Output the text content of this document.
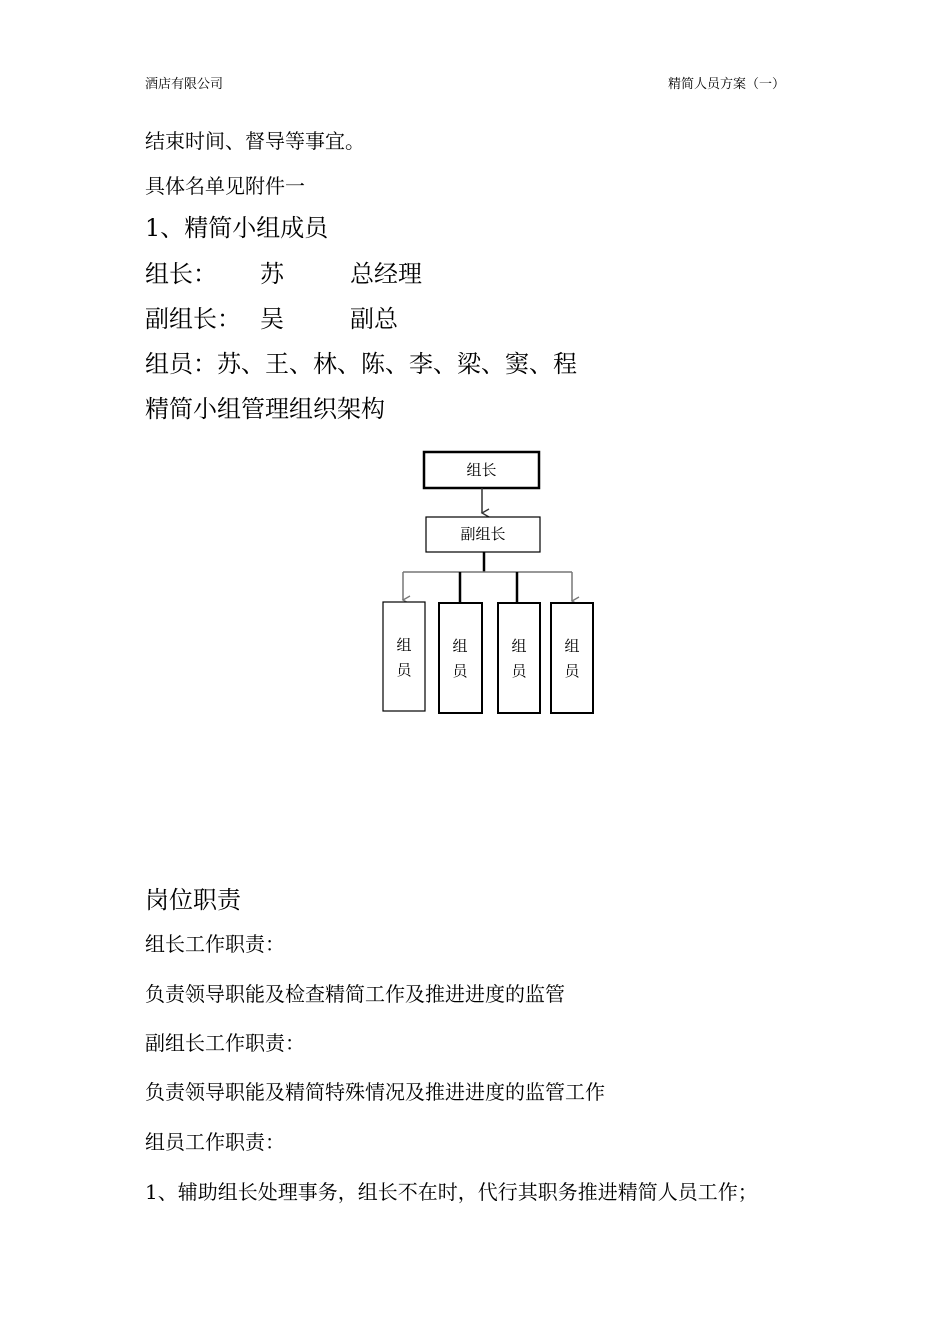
酒店有限公司	精简人员方案（一）
结束时间、督导等事宜。
具体名单见附件一
1、精简小组成员
组长： 苏	总经理
副组长： 吴	副总
组员：苏、王、林、陈、李、梁、窦、程
精简小组管理组织架构
组长
副组长
组
员
组
员
组
员
组
员
岗位职责
组长工作职责：
负责领导职能及检查精简工作及推进进度的监管
副组长工作职责：
负责领导职能及精简特殊情况及推进进度的监管工作
组员工作职责：
1、辅助组长处理事务，组长不在时，代行其职务推进精简人员工作；
